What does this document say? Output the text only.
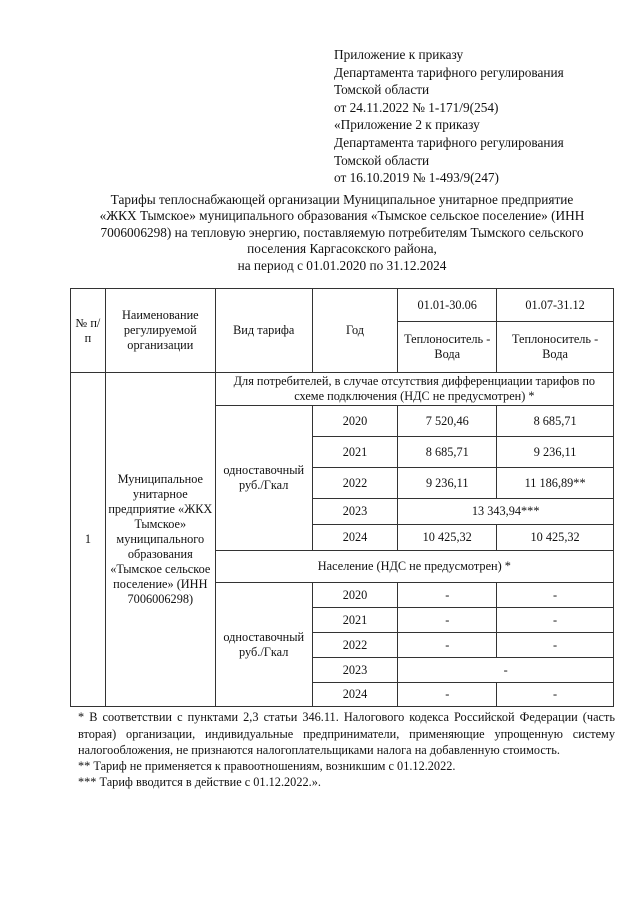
Приложение к приказу
Департамента тарифного регулирования
Томской области
от 24.11.2022 № 1-171/9(254)
«Приложение 2 к приказу
Департамента тарифного регулирования
Томской области
от 16.10.2019 № 1-493/9(247)
Тарифы теплоснабжающей организации Муниципальное унитарное предприятие
«ЖКХ Тымское» муниципального образования «Тымское сельское поселение» (ИНН
7006006298) на тепловую энергию, поставляемую потребителям Тымского сельского
поселения Каргасокского района,
на период с 01.01.2020 по 31.12.2024
№ п/п	Наименование регулируемой организации	Вид тарифа	Год	01.01-30.06	01.07-31.12
				Теплоноситель - Вода	Теплоноситель - Вода
1	Муниципальное унитарное предприятие «ЖКХ Тымское» муниципального образования «Тымское сельское поселение» (ИНН 7006006298)	Для потребителей, в случае отсутствия дифференциации тарифов по схеме подключения (НДС не предусмотрен) *			
		одноставочный руб./Гкал	2020	7 520,46	8 685,71
			2021	8 685,71	9 236,11
			2022	9 236,11	11 186,89**
			2023	13 343,94***	
			2024	10 425,32	10 425,32
		Население (НДС не предусмотрен) *			
		одноставочный руб./Гкал	2020	-	-
			2021	-	-
			2022	-	-
			2023	-	
			2024	-	-
* В соответствии с пунктами 2,3 статьи 346.11. Налогового кодекса Российской Федерации (часть вторая) организации, индивидуальные предприниматели, применяющие упрощенную систему налогообложения, не признаются налогоплательщиками налога на добавленную стоимость.
** Тариф не применяется к правоотношениям, возникшим с 01.12.2022.
*** Тариф вводится в действие с 01.12.2022.».
